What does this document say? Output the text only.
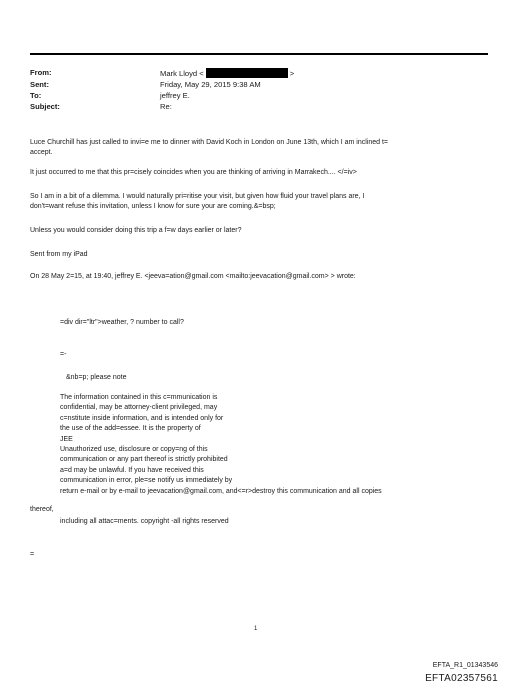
From:	Mark Lloyd <	>
Sent:	Friday, May 29, 2015 9:38 AM
To:	jeffrey E.
Subject:	Re:
Luce Churchill has just called to invi=e me to dinner with David Koch in London on June 13th, which I am inclined t=
accept.
It just occurred to me that this pr=cisely coincides when you are thinking of arriving in Marrakech.... </=iv>
So I am in a bit of a dilemma. I would naturally pri=ritise your visit, but given how fluid your travel plans are, I
don't=want refuse this invitation, unless I know for sure your are coming.&=bsp;
Unless you would consider doing this trip a f=w days earlier or later?
Sent from my iPad
On 28 May 2=15, at 19:40, jeffrey E. <jeeva=ation@gmail.com <mailto:jeevacation@gmail.com> > wrote:
=div dir="ltr">weather, ? number to call?
=-
&nb=p; please note
The information contained in this c=mmunication is
confidential, may be attorney-client privileged, may
c=nstitute inside information, and is intended only for
the use of the add=essee. It is the property of
JEE
Unauthorized use, disclosure or copy=ng of this
communication or any part thereof is strictly prohibited
a=d may be unlawful. If you have received this
communication in error, ple=se notify us immediately by
return e-mail or by e-mail to jeevacation@gmail.com, and<=r>destroy this communication and all copies
thereof,
including all attac=ments. copyright -all rights reserved
=
1
EFTA_R1_01343546
EFTA02357561
